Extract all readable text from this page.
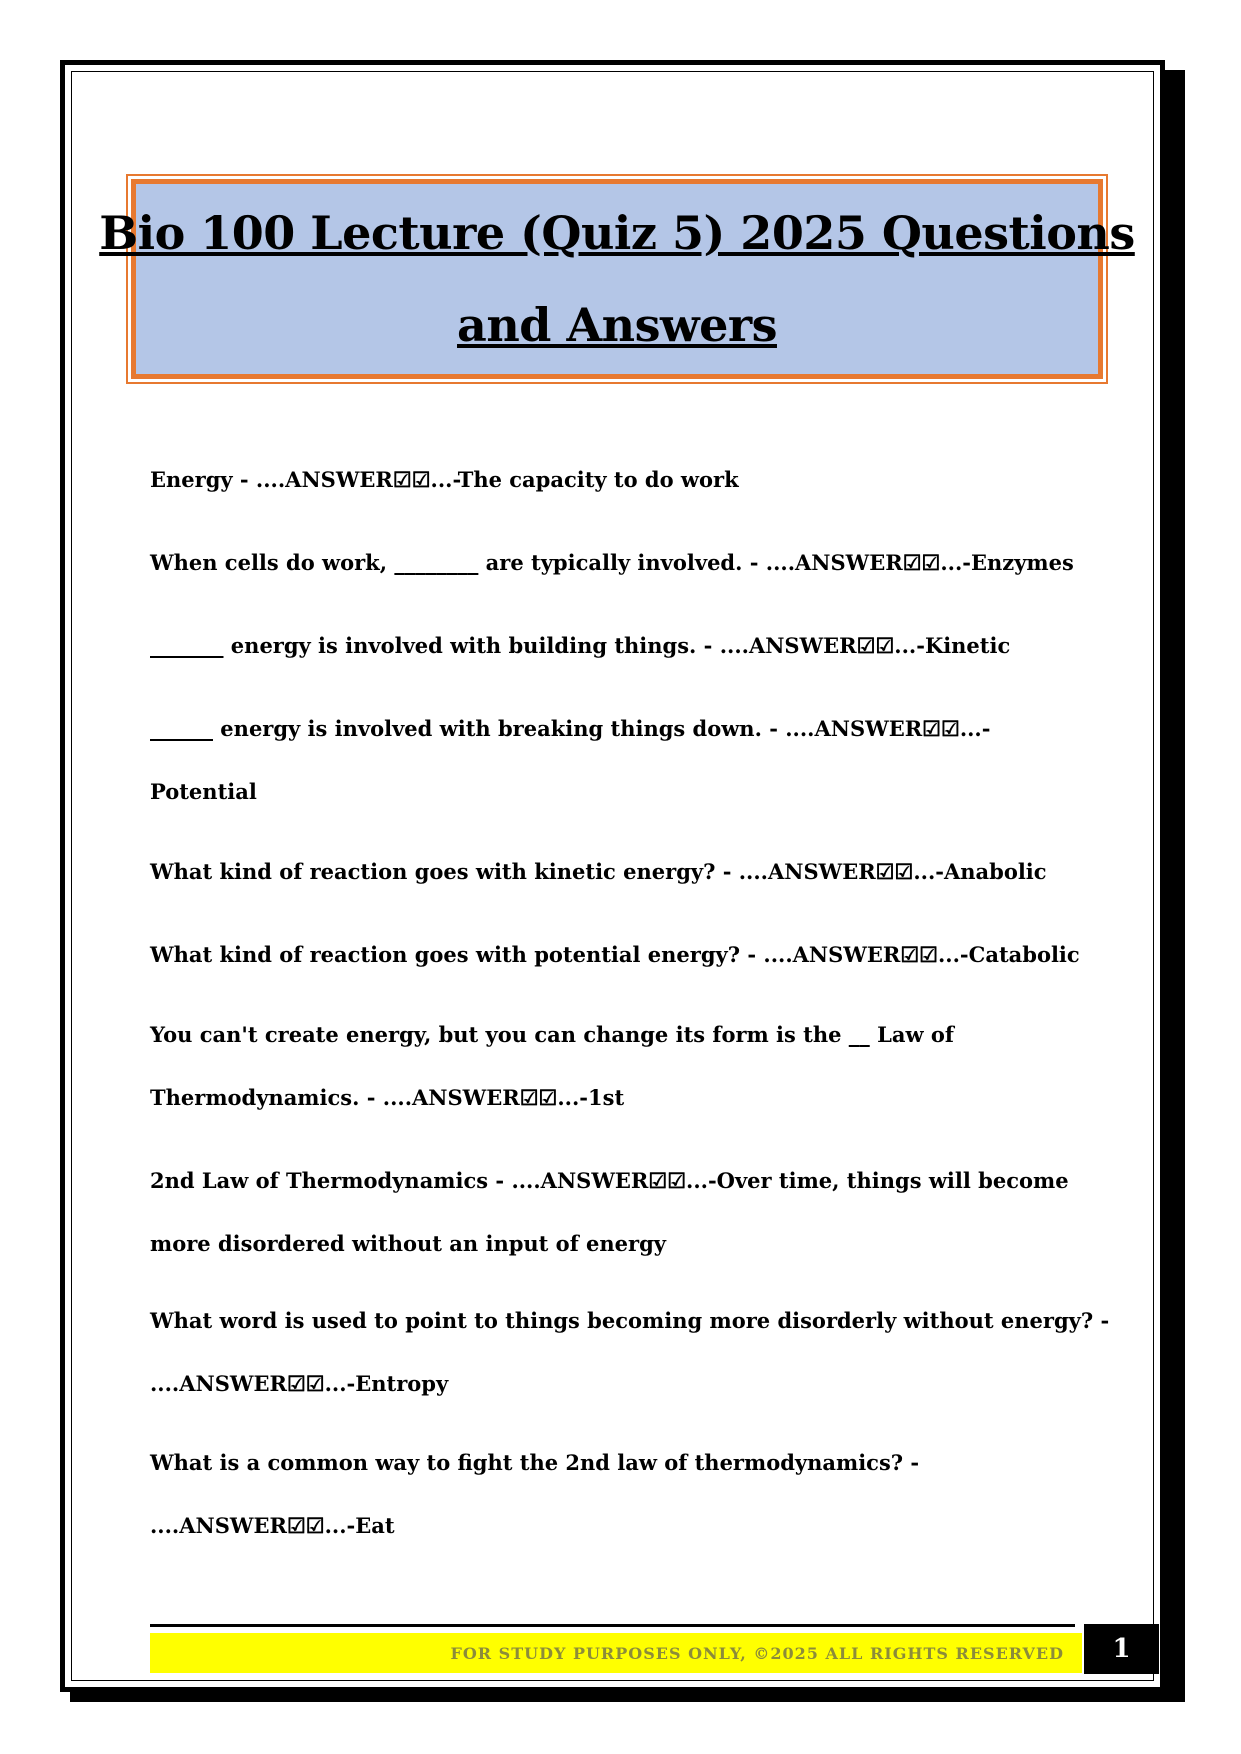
Bio 100 Lecture (Quiz 5) 2025 Questions
and Answers
Energy - ....ANSWER☑☑...-The capacity to do work
When cells do work, ________ are typically involved. - ....ANSWER☑☑...-Enzymes
_______ energy is involved with building things. - ....ANSWER☑☑...-Kinetic
______ energy is involved with breaking things down. - ....ANSWER☑☑...-
Potential
What kind of reaction goes with kinetic energy? - ....ANSWER☑☑...-Anabolic
What kind of reaction goes with potential energy? - ....ANSWER☑☑...-Catabolic
You can't create energy, but you can change its form is the __ Law of
Thermodynamics. - ....ANSWER☑☑...-1st
2nd Law of Thermodynamics - ....ANSWER☑☑...-Over time, things will become
more disordered without an input of energy
What word is used to point to things becoming more disorderly without energy? -
....ANSWER☑☑...-Entropy
What is a common way to fight the 2nd law of thermodynamics? -
....ANSWER☑☑...-Eat
FOR STUDY PURPOSES ONLY, ©2025 ALL RIGHTS RESERVED	1
